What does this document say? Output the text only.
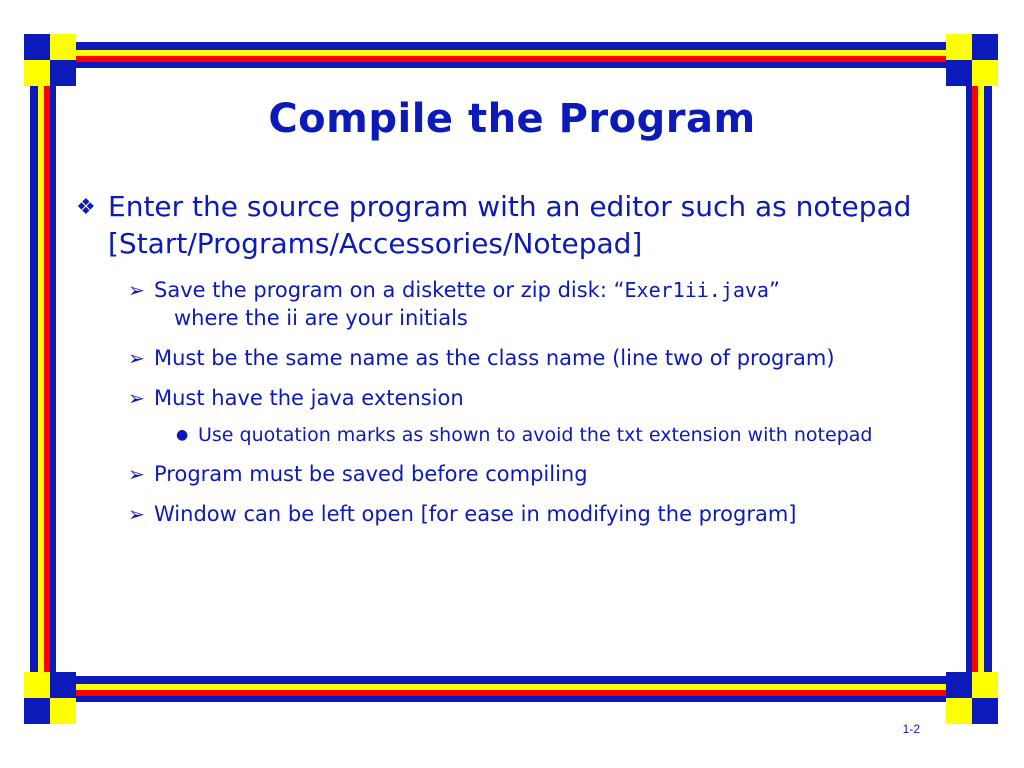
Compile the Program
❖ Enter the source program with an editor such as notepad
[Start/Programs/Accessories/Notepad]
➢ Save the program on a diskette or zip disk: “Exer1ii.java”
where the ii are your initials
➢ Must be the same name as the class name (line two of program)
➢ Must have the java extension
● Use quotation marks as shown to avoid the txt extension with notepad
➢ Program must be saved before compiling
➢ Window can be left open [for ease in modifying the program]
1-2
